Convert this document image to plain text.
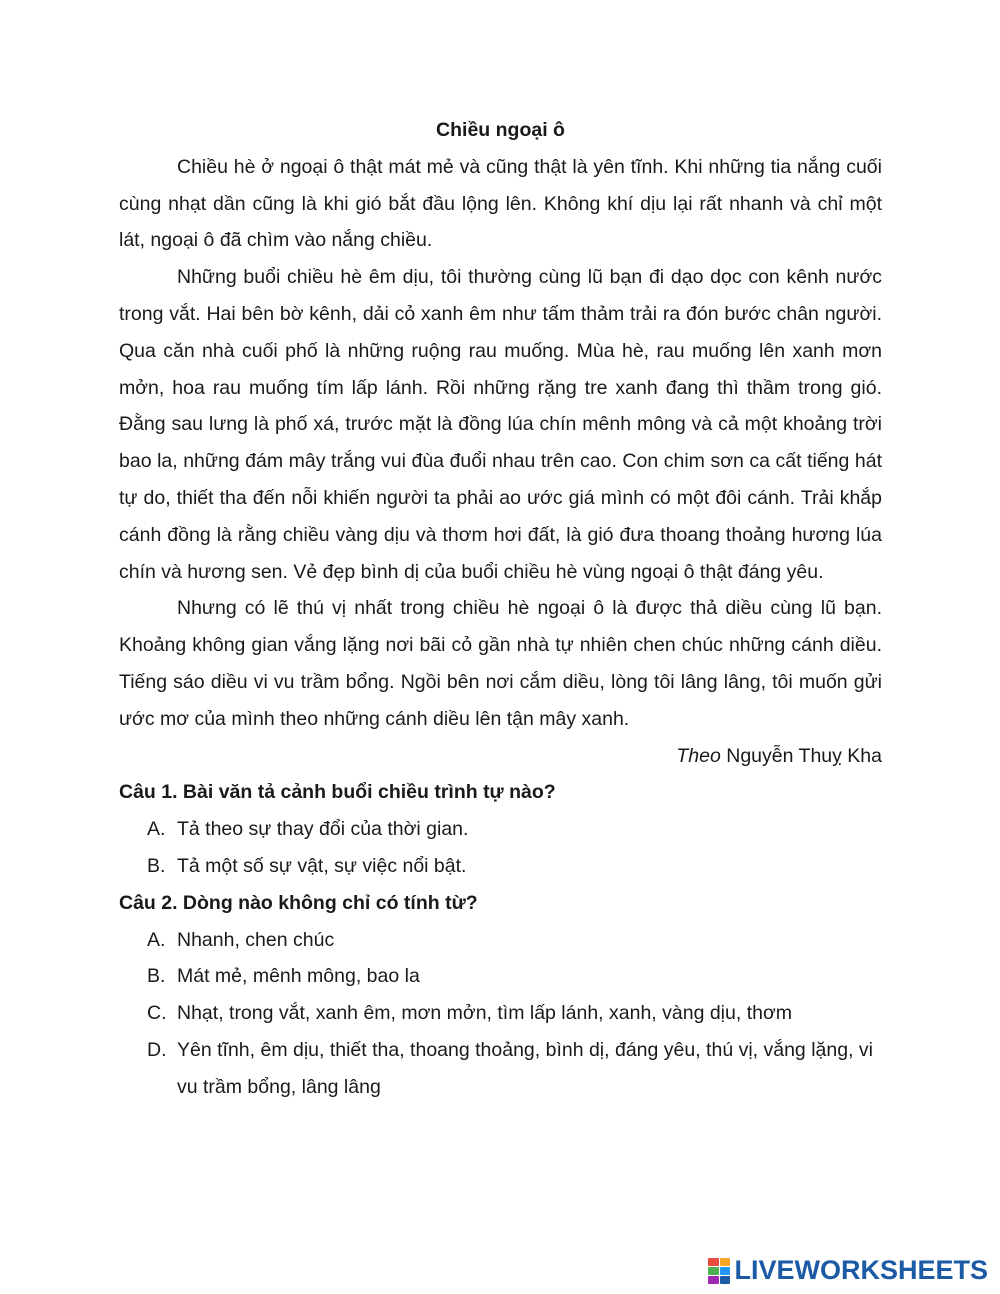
Chiều ngoại ô

Chiều hè ở ngoại ô thật mát mẻ và cũng thật là yên tĩnh. Khi những tia nắng cuối cùng nhạt dần cũng là khi gió bắt đầu lộng lên. Không khí dịu lại rất nhanh và chỉ một lát, ngoại ô đã chìm vào nắng chiều.

Những buổi chiều hè êm dịu, tôi thường cùng lũ bạn đi dạo dọc con kênh nước trong vắt. Hai bên bờ kênh, dải cỏ xanh êm như tấm thảm trải ra đón bước chân người. Qua căn nhà cuối phố là những ruộng rau muống. Mùa hè, rau muống lên xanh mơn mởn, hoa rau muống tím lấp lánh. Rồi những rặng tre xanh đang thì thầm trong gió. Đằng sau lưng là phố xá, trước mặt là đồng lúa chín mênh mông và cả một khoảng trời bao la, những đám mây trắng vui đùa đuổi nhau trên cao. Con chim sơn ca cất tiếng hát tự do, thiết tha đến nỗi khiến người ta phải ao ước giá mình có một đôi cánh. Trải khắp cánh đồng là rằng chiều vàng dịu và thơm hơi đất, là gió đưa thoang thoảng hương lúa chín và hương sen. Vẻ đẹp bình dị của buổi chiều hè vùng ngoại ô thật đáng yêu.

Nhưng có lẽ thú vị nhất trong chiều hè ngoại ô là được thả diều cùng lũ bạn. Khoảng không gian vắng lặng nơi bãi cỏ gần nhà tự nhiên chen chúc những cánh diều. Tiếng sáo diều vi vu trầm bổng. Ngồi bên nơi cắm diều, lòng tôi lâng lâng, tôi muốn gửi ước mơ của mình theo những cánh diều lên tận mây xanh.

Theo Nguyễn Thuỵ Kha

Câu 1. Bài văn tả cảnh buổi chiều trình tự nào?

A. Tả theo sự thay đổi của thời gian.
B. Tả một số sự vật, sự việc nổi bật.

Câu 2. Dòng nào không chỉ có tính từ?

A. Nhanh, chen chúc
B. Mát mẻ, mênh mông, bao la
C. Nhạt, trong vắt, xanh êm, mơn mởn, tìm lấp lánh, xanh, vàng dịu, thơm
D. Yên tĩnh, êm dịu, thiết tha, thoang thoảng, bình dị, đáng yêu, thú vị, vắng lặng, vi vu trầm bổng, lâng lâng
LIVEWORKSHEETS
